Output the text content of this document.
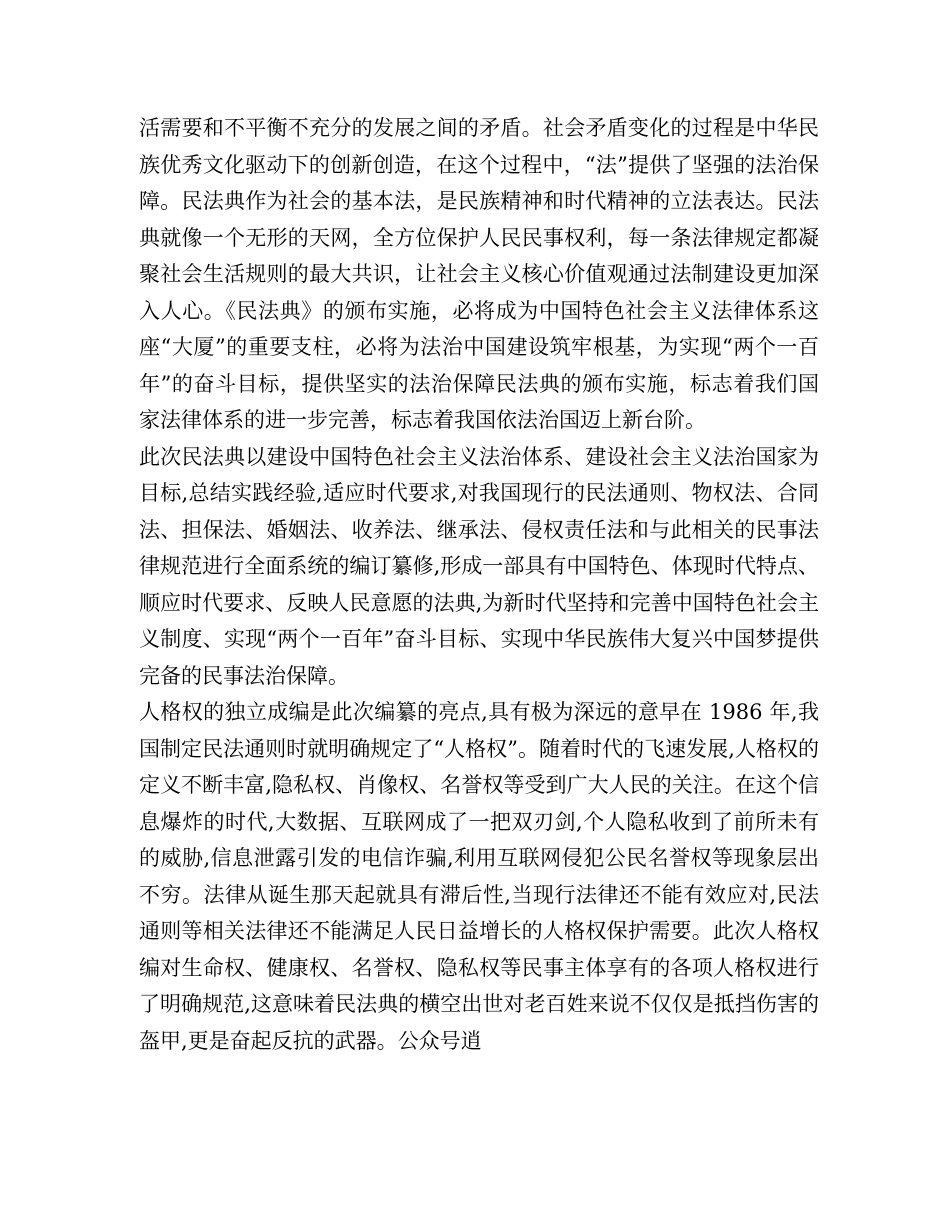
活需要和不平衡不充分的发展之间的矛盾。社会矛盾变化的过程是中华民族优秀文化驱动下的创新创造，在这个过程中，“法”提供了坚强的法治保障。民法典作为社会的基本法，是民族精神和时代精神的立法表达。民法典就像一个无形的天网，全方位保护人民民事权利，每一条法律规定都凝聚社会生活规则的最大共识，让社会主义核心价值观通过法制建设更加深入人心。《民法典》的颁布实施，必将成为中国特色社会主义法律体系这座“大厦”的重要支柱，必将为法治中国建设筑牢根基，为实现“两个一百年”的奋斗目标，提供坚实的法治保障民法典的颁布实施，标志着我们国家法律体系的进一步完善，标志着我国依法治国迈上新台阶。

此次民法典以建设中国特色社会主义法治体系、建设社会主义法治国家为目标,总结实践经验,适应时代要求,对我国现行的民法通则、物权法、合同法、担保法、婚姻法、收养法、继承法、侵权责任法和与此相关的民事法律规范进行全面系统的编订纂修,形成一部具有中国特色、体现时代特点、顺应时代要求、反映人民意愿的法典,为新时代坚持和完善中国特色社会主义制度、实现“两个一百年”奋斗目标、实现中华民族伟大复兴中国梦提供完备的民事法治保障。

人格权的独立成编是此次编纂的亮点,具有极为深远的意早在 1986 年,我国制定民法通则时就明确规定了“人格权”。随着时代的飞速发展,人格权的定义不断丰富,隐私权、肖像权、名誉权等受到广大人民的关注。在这个信息爆炸的时代,大数据、互联网成了一把双刃剑,个人隐私收到了前所未有的威胁,信息泄露引发的电信诈骗,利用互联网侵犯公民名誉权等现象层出不穷。法律从诞生那天起就具有滞后性,当现行法律还不能有效应对,民法通则等相关法律还不能满足人民日益增长的人格权保护需要。此次人格权编对生命权、健康权、名誉权、隐私权等民事主体享有的各项人格权进行了明确规范,这意味着民法典的横空出世对老百姓来说不仅仅是抵挡伤害的盔甲,更是奋起反抗的武器。公众号逍
